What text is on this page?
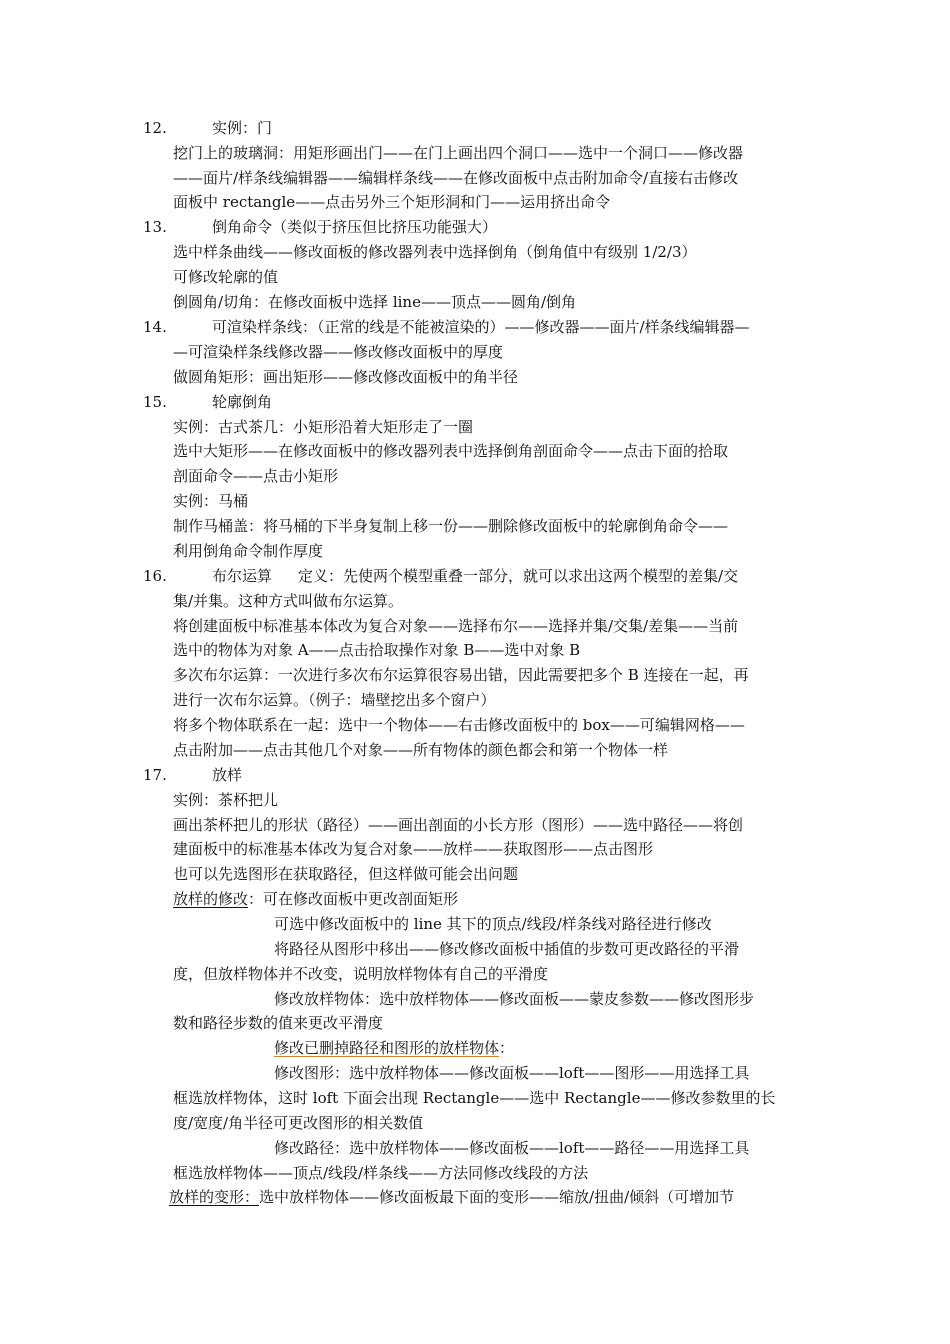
12.	实例：门
挖门上的玻璃洞：用矩形画出门——在门上画出四个洞口——选中一个洞口——修改器
——面片/样条线编辑器——编辑样条线——在修改面板中点击附加命令/直接右击修改
面板中 rectangle——点击另外三个矩形洞和门——运用挤出命令
13.	倒角命令（类似于挤压但比挤压功能强大）
选中样条曲线——修改面板的修改器列表中选择倒角（倒角值中有级别 1/2/3）
可修改轮廓的值
倒圆角/切角：在修改面板中选择 line——顶点——圆角/倒角
14.	可渲染样条线：（正常的线是不能被渲染的）——修改器——面片/样条线编辑器—
—可渲染样条线修改器——修改修改面板中的厚度
做圆角矩形：画出矩形——修改修改面板中的角半径
15.	轮廓倒角
实例：古式茶几：小矩形沿着大矩形走了一圈
选中大矩形——在修改面板中的修改器列表中选择倒角剖面命令——点击下面的拾取
剖面命令——点击小矩形
实例：马桶
制作马桶盖：将马桶的下半身复制上移一份——删除修改面板中的轮廓倒角命令——
利用倒角命令制作厚度
16.	布尔运算 定义：先使两个模型重叠一部分，就可以求出这两个模型的差集/交
集/并集。这种方式叫做布尔运算。
将创建面板中标准基本体改为复合对象——选择布尔——选择并集/交集/差集——当前
选中的物体为对象 A——点击拾取操作对象 B——选中对象 B
多次布尔运算：一次进行多次布尔运算很容易出错，因此需要把多个 B 连接在一起，再
进行一次布尔运算。（例子：墙壁挖出多个窗户）
将多个物体联系在一起：选中一个物体——右击修改面板中的 box——可编辑网格——
点击附加——点击其他几个对象——所有物体的颜色都会和第一个物体一样
17.	放样
实例：茶杯把儿
画出茶杯把儿的形状（路径）——画出剖面的小长方形（图形）——选中路径——将创
建面板中的标准基本体改为复合对象——放样——获取图形——点击图形
也可以先选图形在获取路径，但这样做可能会出问题
放样的修改：可在修改面板中更改剖面矩形
可选中修改面板中的 line 其下的顶点/线段/样条线对路径进行修改
将路径从图形中移出——修改修改面板中插值的步数可更改路径的平滑
度，但放样物体并不改变，说明放样物体有自己的平滑度
修改放样物体：选中放样物体——修改面板——蒙皮参数——修改图形步
数和路径步数的值来更改平滑度
修改已删掉路径和图形的放样物体：
修改图形：选中放样物体——修改面板——loft——图形——用选择工具
框选放样物体，这时 loft 下面会出现 Rectangle——选中 Rectangle——修改参数里的长
度/宽度/角半径可更改图形的相关数值
修改路径：选中放样物体——修改面板——loft——路径——用选择工具
框选放样物体——顶点/线段/样条线——方法同修改线段的方法
放样的变形：选中放样物体——修改面板最下面的变形——缩放/扭曲/倾斜（可增加节
